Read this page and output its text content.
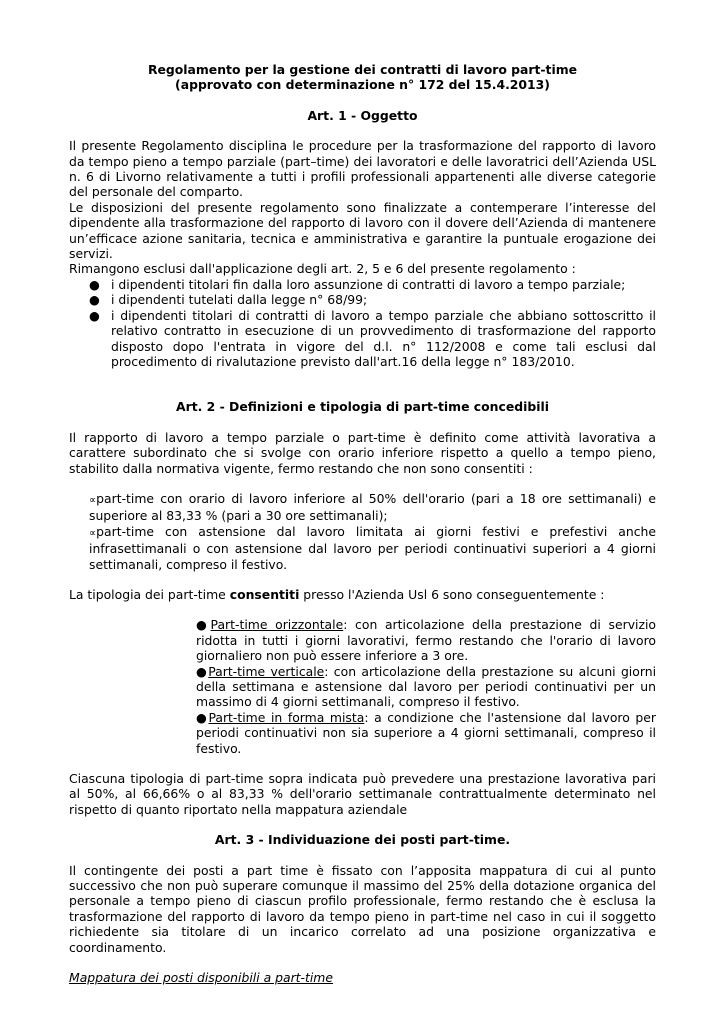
Regolamento per la gestione dei contratti di lavoro part-time

(approvato con determinazione n° 172 del 15.4.2013)

Art. 1 - Oggetto

Il presente Regolamento disciplina le procedure per la trasformazione del rapporto di lavoro da tempo pieno a tempo parziale (part–time) dei lavoratori e delle lavoratrici dell’Azienda USL n. 6 di Livorno relativamente a tutti i profili professionali appartenenti alle diverse categorie del personale del comparto.

Le disposizioni del presente regolamento sono finalizzate a contemperare l’interesse del dipendente alla trasformazione del rapporto di lavoro con il dovere dell’Azienda di mantenere un’efficace azione sanitaria, tecnica e amministrativa e garantire la puntuale erogazione dei servizi.

Rimangono esclusi dall'applicazione degli art. 2, 5 e 6 del presente regolamento :

● i dipendenti titolari fin dalla loro assunzione di contratti di lavoro a tempo parziale;
● i dipendenti tutelati dalla legge n° 68/99;
● i dipendenti titolari di contratti di lavoro a tempo parziale che abbiano sottoscritto il relativo contratto in esecuzione di un provvedimento di trasformazione del rapporto disposto dopo l'entrata in vigore del d.l. n° 112/2008 e come tali esclusi dal procedimento di rivalutazione previsto dall'art.16 della legge n° 183/2010.

Art. 2 - Definizioni e tipologia di part-time concedibili

Il rapporto di lavoro a tempo parziale o part-time è definito come attività lavorativa a carattere subordinato che si svolge con orario inferiore rispetto a quello a tempo pieno, stabilito dalla normativa vigente, fermo restando che non sono consentiti :

∝part-time con orario di lavoro inferiore al 50% dell'orario (pari a 18 ore settimanali) e superiore al 83,33 % (pari a 30 ore settimanali);

∝part-time con astensione dal lavoro limitata ai giorni festivi e prefestivi anche infrasettimanali o con astensione dal lavoro per periodi continuativi superiori a 4 giorni settimanali, compreso il festivo.

La tipologia dei part-time consentiti presso l'Azienda Usl 6 sono conseguentemente :

●Part-time orizzontale: con articolazione della prestazione di servizio ridotta in tutti i giorni lavorativi, fermo restando che l'orario di lavoro giornaliero non può essere inferiore a 3 ore.

●Part-time verticale: con articolazione della prestazione su alcuni giorni della settimana e astensione dal lavoro per periodi continuativi per un massimo di 4 giorni settimanali, compreso il festivo.

●Part-time in forma mista: a condizione che l'astensione dal lavoro per periodi continuativi non sia superiore a 4 giorni settimanali, compreso il festivo.

Ciascuna tipologia di part-time sopra indicata può prevedere una prestazione lavorativa pari al 50%, al 66,66% o al 83,33 % dell'orario settimanale contrattualmente determinato nel rispetto di quanto riportato nella mappatura aziendale

Art. 3 - Individuazione dei posti part-time.

Il contingente dei posti a part time è fissato con l’apposita mappatura di cui al punto successivo che non può superare comunque il massimo del 25% della dotazione organica del personale a tempo pieno di ciascun profilo professionale, fermo restando che è esclusa la trasformazione del rapporto di lavoro da tempo pieno in part-time nel caso in cui il soggetto richiedente sia titolare di un incarico correlato ad una posizione organizzativa e coordinamento.

Mappatura dei posti disponibili a part-time
